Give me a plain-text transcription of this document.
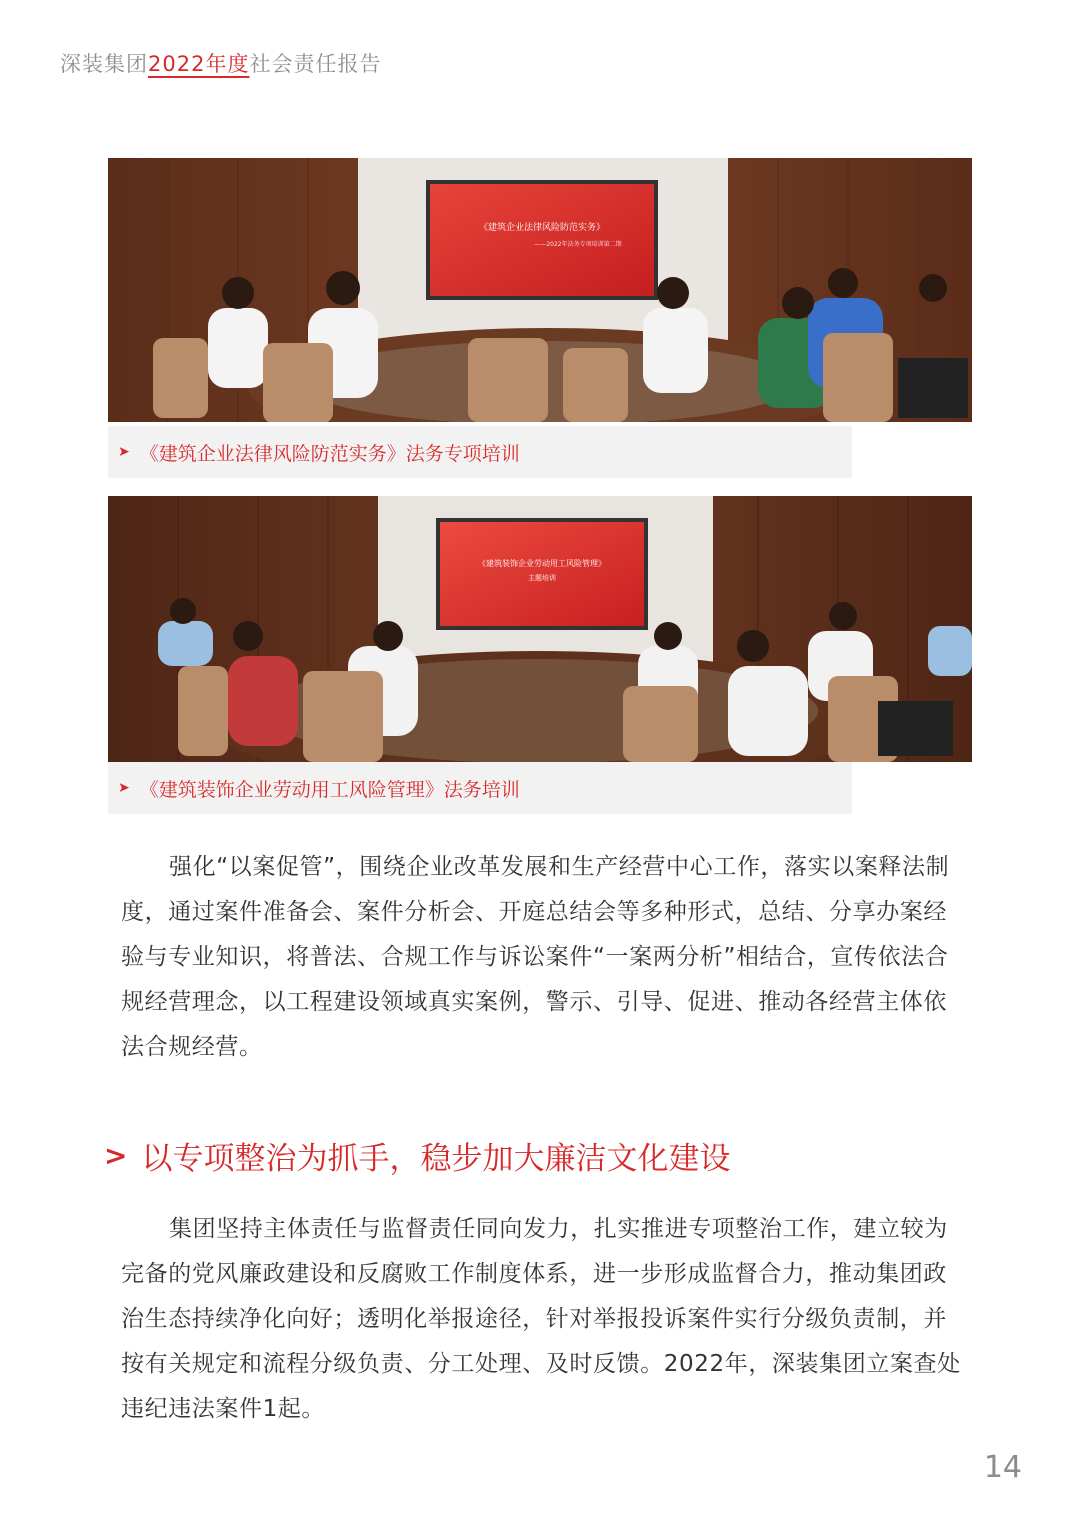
深装集团2022年度社会责任报告
《建筑企业法律风险防范实务》
——2022年法务专项培训第二期
➤ 《建筑企业法律风险防范实务》法务专项培训
《建筑装饰企业劳动用工风险管理》
主题培训
➤ 《建筑装饰企业劳动用工风险管理》法务培训

强化“以案促管”，围绕企业改革发展和生产经营中心工作，落实以案释法制度，通过案件准备会、案件分析会、开庭总结会等多种形式，总结、分享办案经验与专业知识，将普法、合规工作与诉讼案件“一案两分析”相结合，宣传依法合规经营理念，以工程建设领域真实案例，警示、引导、促进、推动各经营主体依法合规经营。

> 以专项整治为抓手，稳步加大廉洁文化建设

集团坚持主体责任与监督责任同向发力，扎实推进专项整治工作，建立较为完备的党风廉政建设和反腐败工作制度体系，进一步形成监督合力，推动集团政治生态持续净化向好；透明化举报途径，针对举报投诉案件实行分级负责制，并按有关规定和流程分级负责、分工处理、及时反馈。2022年，深装集团立案查处违纪违法案件1起。

14
